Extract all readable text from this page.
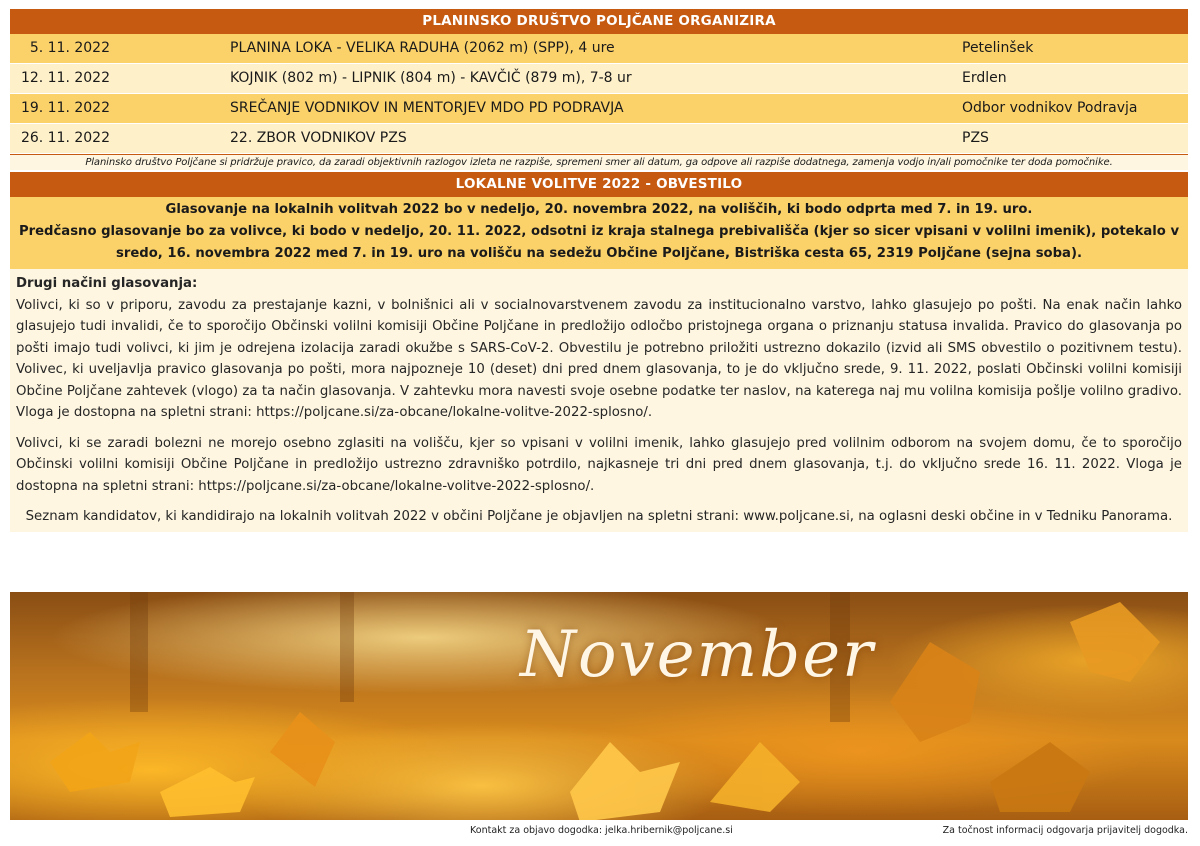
PLANINSKO DRUŠTVO POLJČANE ORGANIZIRA
5. 11. 2022	PLANINA LOKA - VELIKA RADUHA (2062 m) (SPP), 4 ure	Petelinšek
12. 11. 2022	KOJNIK (802 m) - LIPNIK (804 m) - KAVČIČ (879 m), 7-8 ur	Erdlen
19. 11. 2022	SREČANJE VODNIKOV IN MENTORJEV MDO PD PODRAVJA	Odbor vodnikov Podravja
26. 11. 2022	22. ZBOR VODNIKOV PZS	PZS
Planinsko društvo Poljčane si pridržuje pravico, da zaradi objektivnih razlogov izleta ne razpiše, spremeni smer ali datum, ga odpove ali razpiše dodatnega, zamenja vodjo in/ali pomočnike ter doda pomočnike.
LOKALNE VOLITVE 2022 - OBVESTILO
Glasovanje na lokalnih volitvah 2022 bo v nedeljo, 20. novembra 2022, na voliščih, ki bodo odprta med 7. in 19. uro.
Predčasno glasovanje bo za volivce, ki bodo v nedeljo, 20. 11. 2022, odsotni iz kraja stalnega prebivališča (kjer so sicer vpisani v volilni imenik), potekalo v sredo, 16. novembra 2022 med 7. in 19. uro na volišču na sedežu Občine Poljčane, Bistriška cesta 65, 2319 Poljčane (sejna soba).

Drugi načini glasovanja:

Volivci, ki so v priporu, zavodu za prestajanje kazni, v bolnišnici ali v socialnovarstvenem zavodu za institucionalno varstvo, lahko glasujejo po pošti. Na enak način lahko glasujejo tudi invalidi, če to sporočijo Občinski volilni komisiji Občine Poljčane in predložijo odločbo pristojnega organa o priznanju statusa invalida. Pravico do glasovanja po pošti imajo tudi volivci, ki jim je odrejena izolacija zaradi okužbe s SARS-CoV-2. Obvestilu je potrebno priložiti ustrezno dokazilo (izvid ali SMS obvestilo o pozitivnem testu). Volivec, ki uveljavlja pravico glasovanja po pošti, mora najpozneje 10 (deset) dni pred dnem glasovanja, to je do vključno srede, 9. 11. 2022, poslati Občinski volilni komisiji Občine Poljčane zahtevek (vlogo) za ta način glasovanja. V zahtevku mora navesti svoje osebne podatke ter naslov, na katerega naj mu volilna komisija pošlje volilno gradivo. Vloga je dostopna na spletni strani: https://poljcane.si/za-obcane/lokalne-volitve-2022-splosno/.

Volivci, ki se zaradi bolezni ne morejo osebno zglasiti na volišču, kjer so vpisani v volilni imenik, lahko glasujejo pred volilnim odborom na svojem domu, če to sporočijo Občinski volilni komisiji Občine Poljčane in predložijo ustrezno zdravniško potrdilo, najkasneje tri dni pred dnem glasovanja, t.j. do vključno srede 16. 11. 2022. Vloga je dostopna na spletni strani: https://poljcane.si/za-obcane/lokalne-volitve-2022-splosno/.

Seznam kandidatov, ki kandidirajo na lokalnih volitvah 2022 v občini Poljčane je objavljen na spletni strani: www.poljcane.si, na oglasni deski občine in v Tedniku Panorama.

November
Kontakt za objavo dogodka: jelka.hribernik@poljcane.si	Za točnost informacij odgovarja prijavitelj dogodka.
